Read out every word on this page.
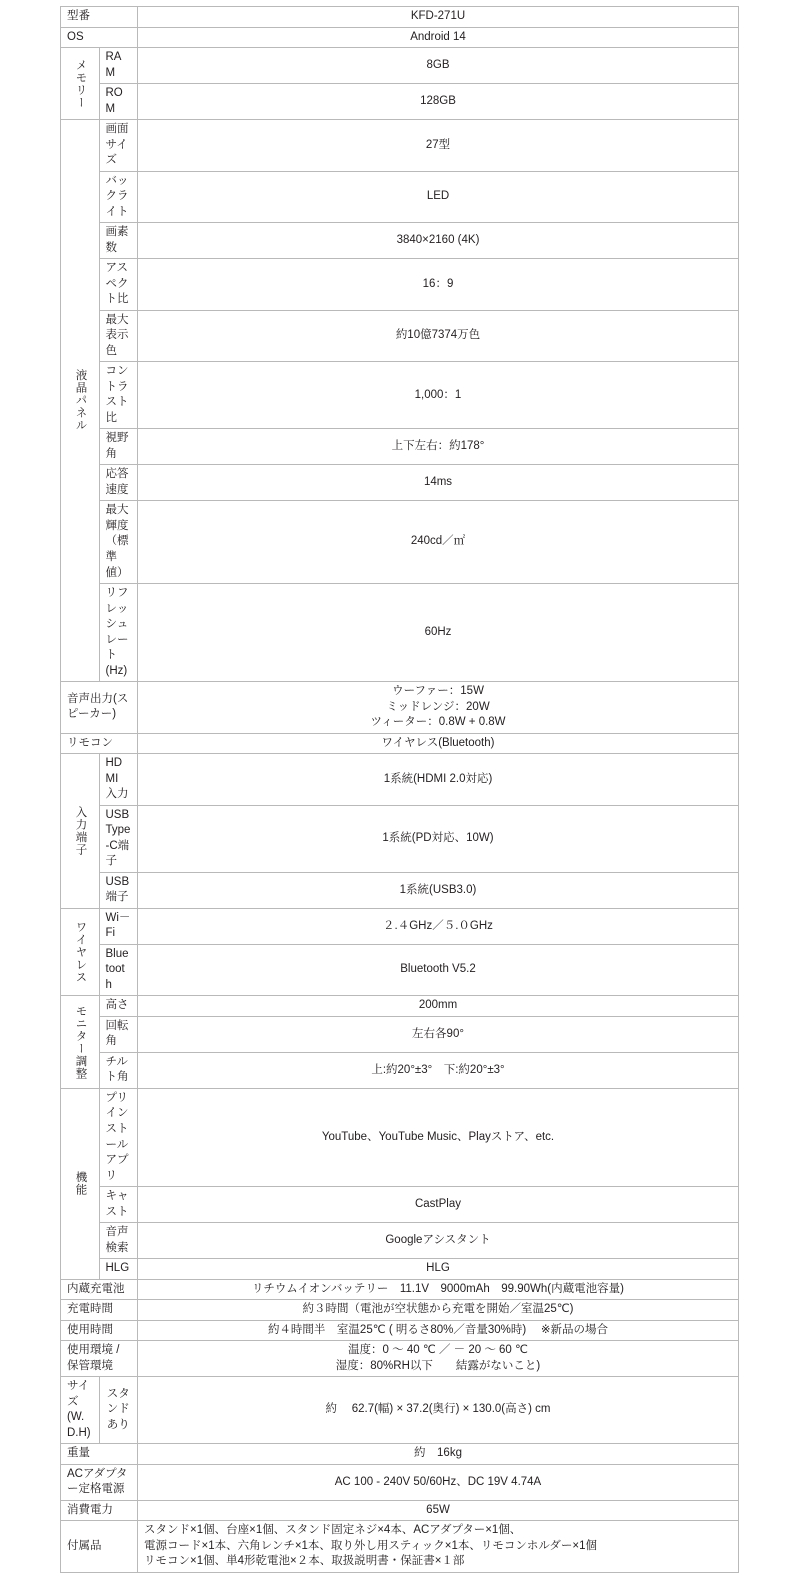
型番		KFD-271U
OS		Android 14
メモリー	RAM	8GB
	ROM	128GB
液晶パネル	画面サイズ	27型
	バックライト	LED
	画素数	3840×2160 (4K)
	アスペクト比	16：9
	最大表示色	約10億7374万色
	コントラスト比	1,000：1
	視野角	上下左右：約178°
	応答速度	14ms
	最大輝度（標準値）	240cd／㎡
	リフレッシュレート (Hz)	60Hz
音声出力(スピーカー)		ウーファー：15W
ミッドレンジ：20W
ツィーター：0.8W + 0.8W

リモコン		ワイヤレス(Bluetooth)
入力端子	HDMI 入力	1系統(HDMI 2.0対応)
	USB Type-C端子	1系統(PD対応、10W)
	USB 端子	1系統(USB3.0)
ワイヤレス	Wi－Fi	２.４GHz／５.０GHz
	Bluetooth	Bluetooth V5.2
モニター調整	高さ	200mm
	回転角	左右各90°
	チルト角	上:約20°±3°　下:約20°±3°
機能	プリインストールアプリ	YouTube、YouTube Music、Playストア、etc.
	キャスト	CastPlay
	音声検索	Googleアシスタント
	HLG	HLG
内蔵充電池		リチウムイオンバッテリー　11.1V　9000mAh　99.90Wh(内蔵電池容量)
充電時間		約３時間（電池が空状態から充電を開始／室温25℃)
使用時間		約４時間半　室温25℃ ( 明るさ80%／音量30%時)　 ※新品の場合
使用環境 / 保管環境		温度：0 ～ 40 ℃ ／ － 20 ～ 60 ℃
湿度：80%RH以下　　結露がないこと)

サイズ(W.D.H)	スタンドあり	約　 62.7(幅) × 37.2(奥行) × 130.0(高さ) cm
重量		約　16kg
ACアダプター定格電源		AC 100 - 240V 50/60Hz、DC 19V 4.74A
消費電力		65W
付属品		スタンド×1個、台座×1個、スタンド固定ネジ×4本、ACアダプター×1個、
電源コード×1本、六角レンチ×1本、取り外し用スティック×1本、リモコンホルダー×1個
リモコン×1個、単4形乾電池×２本、取扱説明書・保証書×１部
